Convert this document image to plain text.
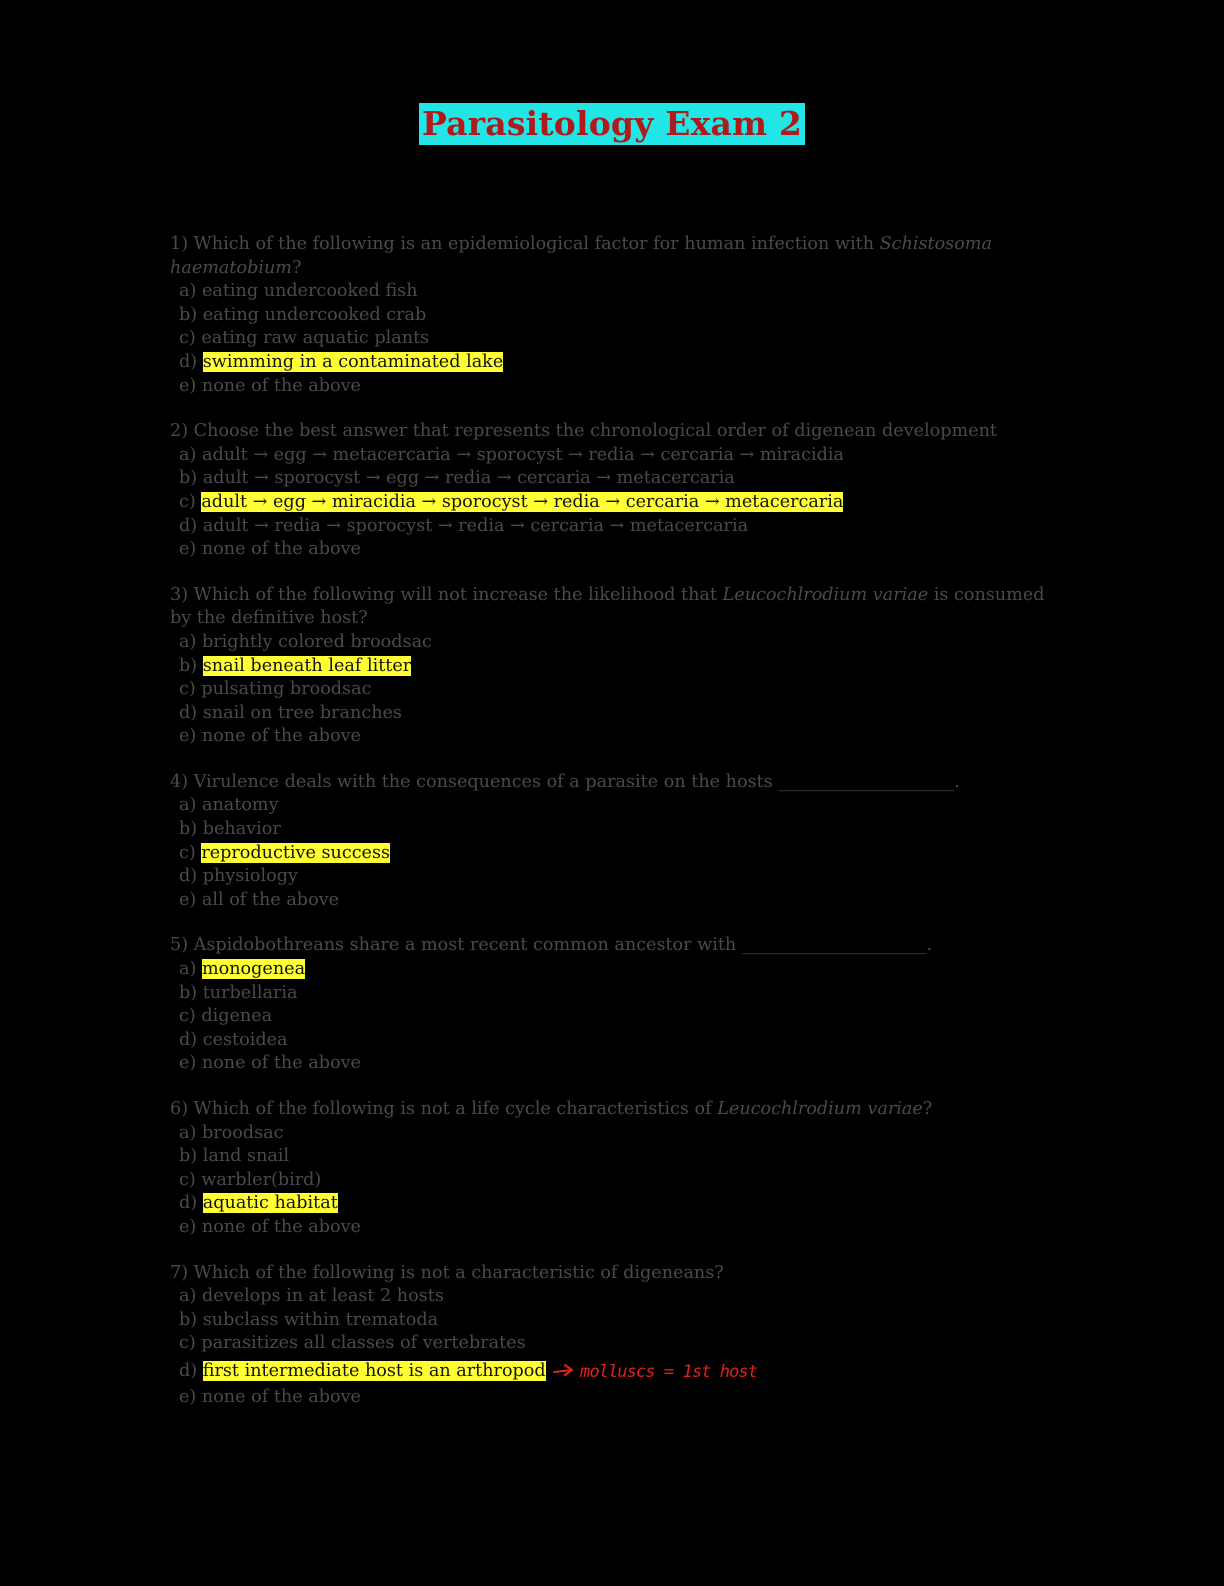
Parasitology Exam 2
1) Which of the following is an epidemiological factor for human infection with Schistosoma haematobium?
a) eating undercooked fish
b) eating undercooked crab
c) eating raw aquatic plants
d) swimming in a contaminated lake
e) none of the above
2) Choose the best answer that represents the chronological order of digenean development
a) adult → egg → metacercaria → sporocyst → redia → cercaria → miracidia
b) adult → sporocyst → egg → redia → cercaria → metacercaria
c) adult → egg → miracidia → sporocyst → redia → cercaria → metacercaria
d) adult → redia → sporocyst → redia → cercaria → metacercaria
e) none of the above
3) Which of the following will not increase the likelihood that Leucochlrodium variae is consumed by the definitive host?
a) brightly colored broodsac
b) snail beneath leaf litter
c) pulsating broodsac
d) snail on tree branches
e) none of the above
4) Virulence deals with the consequences of a parasite on the hosts ____________________.
a) anatomy
b) behavior
c) reproductive success
d) physiology
e) all of the above
5) Aspidobothreans share a most recent common ancestor with _____________________.
a) monogenea
b) turbellaria
c) digenea
d) cestoidea
e) none of the above
6) Which of the following is not a life cycle characteristics of Leucochlrodium variae?
a) broodsac
b) land snail
c) warbler(bird)
d) aquatic habitat
e) none of the above
7) Which of the following is not a characteristic of digeneans?
a) develops in at least 2 hosts
b) subclass within trematoda
c) parasitizes all classes of vertebrates
d) first intermediate host is an arthropod molluscs = 1st host
e) none of the above
